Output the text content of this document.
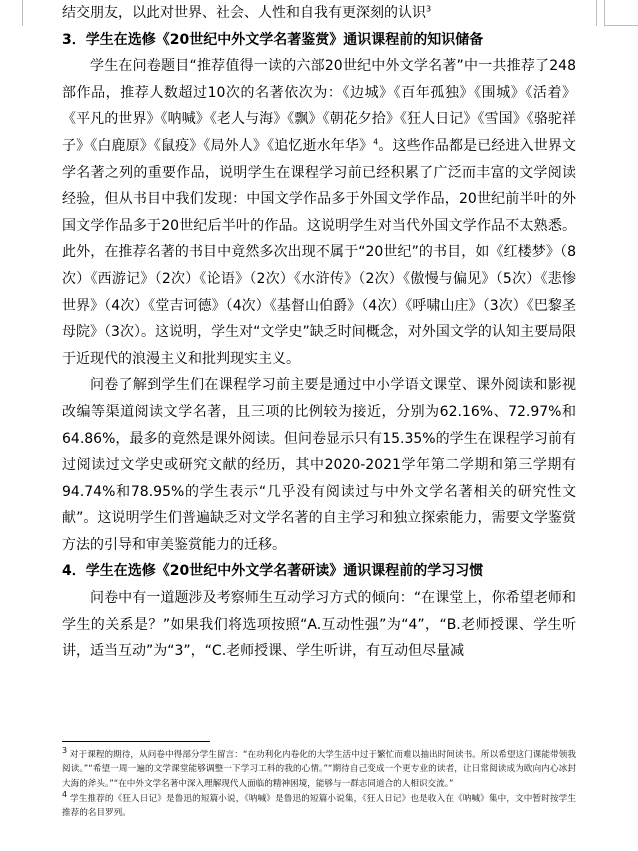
结交朋友，以此对世界、社会、人性和自我有更深刻的认识$^3$

3．学生在选修《20世纪中外文学名著鉴赏》通识课程前的知识储备

学生在问卷题目“推荐值得一读的六部20世纪中外文学名著”中一共推荐了248部作品，推荐人数超过10次的名著依次为：《边城》《百年孤独》《围城》《活着》《平凡的世界》《呐喊》《老人与海》《飘》《朝花夕拾》《狂人日记》《雪国》《骆驼祥子》《白鹿原》《鼠疫》《局外人》《追忆逝水年华》$^4$。这些作品都是已经进入世界文学名著之列的重要作品，说明学生在课程学习前已经积累了广泛而丰富的文学阅读经验，但从书目中我们发现：中国文学作品多于外国文学作品，20世纪前半叶的外国文学作品多于20世纪后半叶的作品。这说明学生对当代外国文学作品不太熟悉。此外，在推荐名著的书目中竟然多次出现不属于“20世纪”的书目，如《红楼梦》（8次）《西游记》（2次）《论语》（2次）《水浒传》（2次）《傲慢与偏见》（5次）《悲惨世界》（4次）《堂吉诃德》（4次）《基督山伯爵》（4次）《呼啸山庄》（3次）《巴黎圣母院》（3次）。这说明，学生对“文学史”缺乏时间概念，对外国文学的认知主要局限于近现代的浪漫主义和批判现实主义。

问卷了解到学生们在课程学习前主要是通过中小学语文课堂、课外阅读和影视改编等渠道阅读文学名著，且三项的比例较为接近，分别为62.16%、72.97%和64.86%，最多的竟然是课外阅读。但问卷显示只有15.35%的学生在课程学习前有过阅读过文学史或研究文献的经历，其中2020-2021学年第二学期和第三学期有94.74%和78.95%的学生表示“几乎没有阅读过与中外文学名著相关的研究性文献”。这说明学生们普遍缺乏对文学名著的自主学习和独立探索能力，需要文学鉴赏方法的引导和审美鉴赏能力的迁移。

4．学生在选修《20世纪中外文学名著研读》通识课程前的学习习惯

问卷中有一道题涉及考察师生互动学习方式的倾向：“在课堂上，你希望老师和学生的关系是？”如果我们将选项按照“A.互动性强”为“4”，“B.老师授课、学生听讲，适当互动”为“3”，“C.老师授课、学生听讲，有互动但尽量减

$^3$ 对于课程的期待，从问卷中得部分学生留言：“在功利化内卷化的大学生活中过于繁忙而难以抽出时间读书。所以希望这门课能带领我阅读。”“希望一周一遍的文学课堂能够调整一下学习工科的我的心情。”“期待自己变成一个更专业的读者，让日常阅读成为欧向内心冰封大海的斧头。”“在中外文学名著中深入理解现代人面临的精神困境，能够与一群志同道合的人相识交流。”

$^4$ 学生推荐的《狂人日记》是鲁迅的短篇小说，《呐喊》是鲁迅的短篇小说集，《狂人日记》也是收入在《呐喊》集中，文中暂时按学生推荐的名目罗列。
